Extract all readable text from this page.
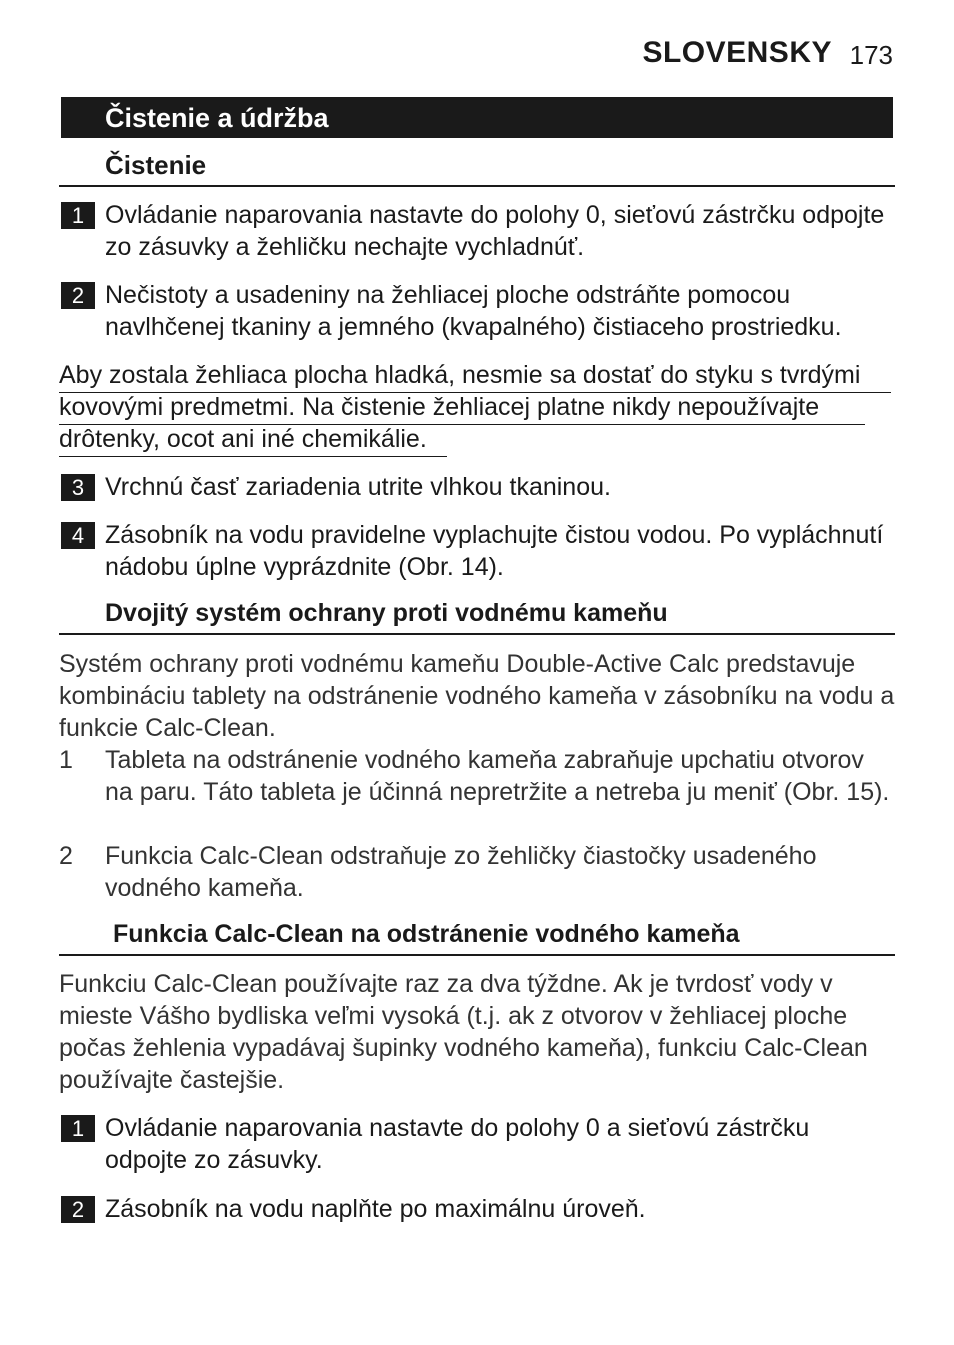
SLOVENSKY 173
Čistenie a údržba
Čistenie
1 Ovládanie naparovania nastavte do polohy 0, sieťovú zástrčku odpojte zo zásuvky a žehličku nechajte vychladnúť.
2 Nečistoty a usadeniny na žehliacej ploche odstráňte pomocou navlhčenej tkaniny a jemného (kvapalného) čistiaceho prostriedku.
Aby zostala žehliaca plocha hladká, nesmie sa dostať do styku s tvrdými
kovovými predmetmi. Na čistenie žehliacej platne nikdy nepoužívajte
drôtenky, ocot ani iné chemikálie.
3 Vrchnú časť zariadenia utrite vlhkou tkaninou.
4 Zásobník na vodu pravidelne vyplachujte čistou vodou. Po vypláchnutí nádobu úplne vyprázdnite (Obr. 14).
Dvojitý systém ochrany proti vodnému kameňu
Systém ochrany proti vodnému kameňu Double-Active Calc predstavuje kombináciu tablety na odstránenie vodného kameňa v zásobníku na vodu a funkcie Calc-Clean.
1 Tableta na odstránenie vodného kameňa zabraňuje upchatiu otvorov na paru. Táto tableta je účinná nepretržite a netreba ju meniť (Obr. 15).
2 Funkcia Calc-Clean odstraňuje zo žehličky čiastočky usadeného vodného kameňa.
Funkcia Calc-Clean na odstránenie vodného kameňa
Funkciu Calc-Clean používajte raz za dva týždne. Ak je tvrdosť vody v mieste Vášho bydliska veľmi vysoká (t.j. ak z otvorov v žehliacej ploche počas žehlenia vypadávaj šupinky vodného kameňa), funkciu Calc-Clean používajte častejšie.
1 Ovládanie naparovania nastavte do polohy 0 a sieťovú zástrčku odpojte zo zásuvky.
2 Zásobník na vodu naplňte po maximálnu úroveň.
